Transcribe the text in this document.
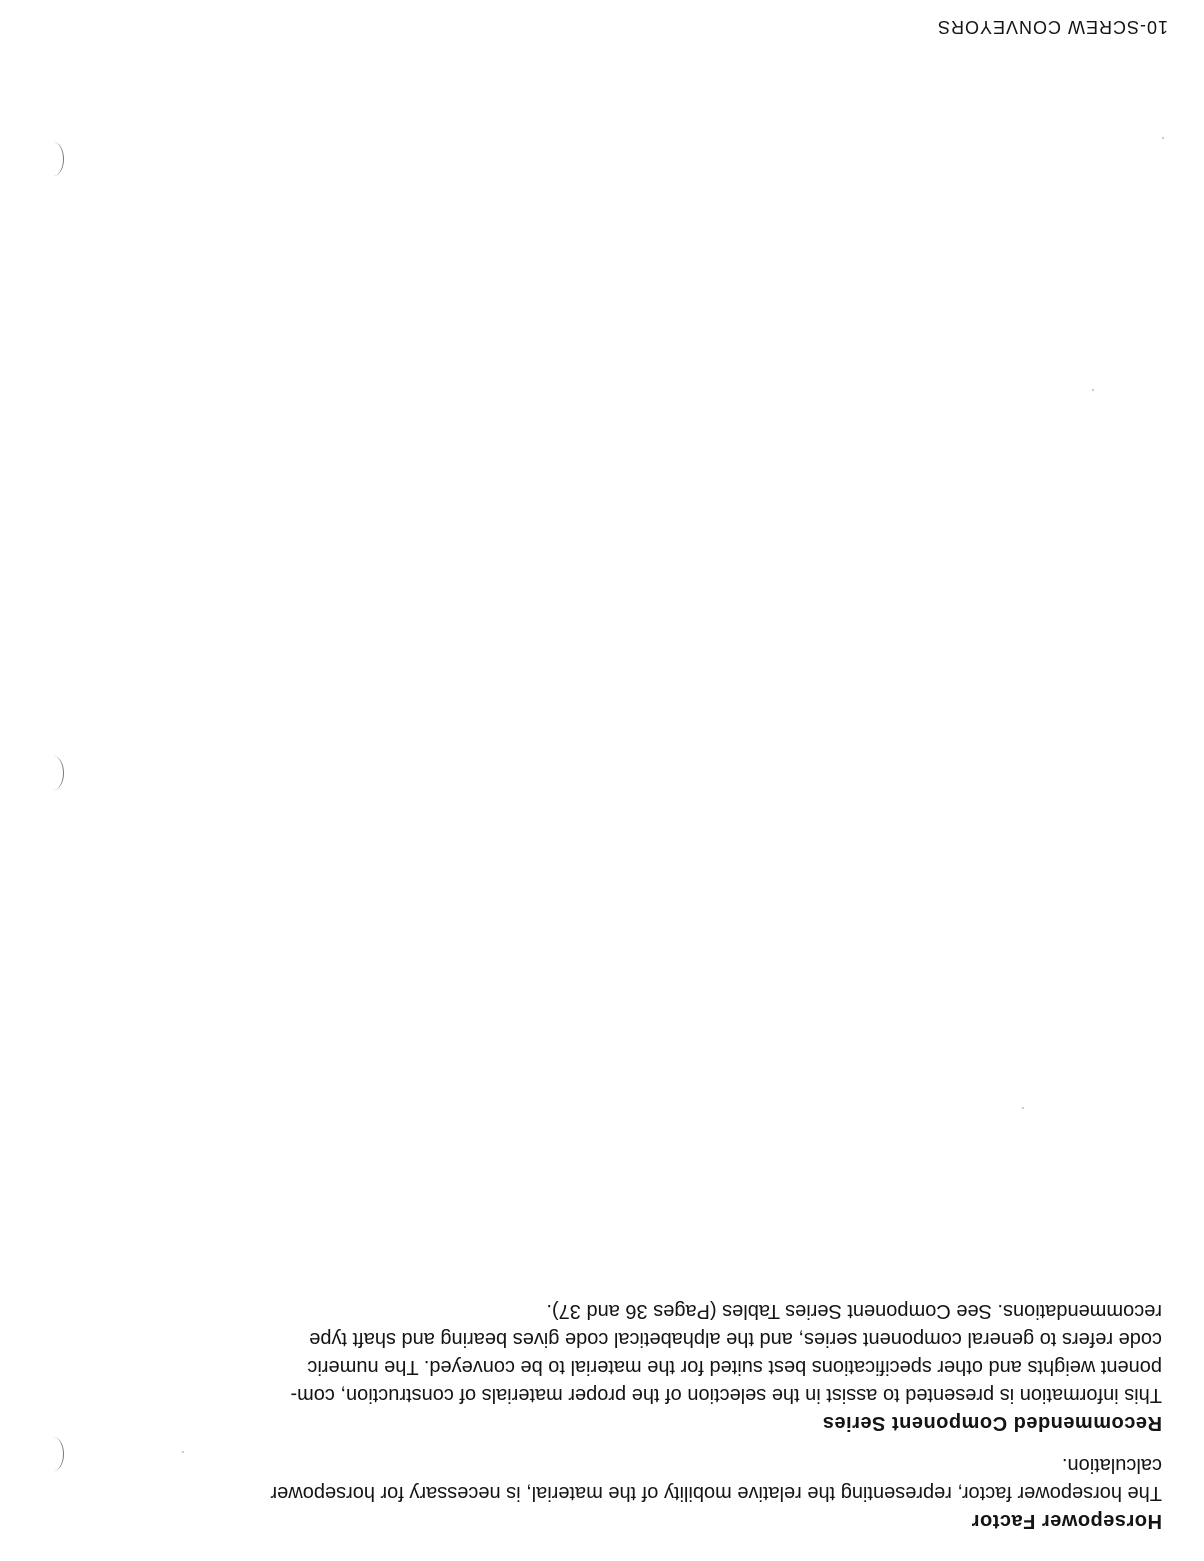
Horsepower Factor

The horsepower factor, representing the relative mobility of the material, is necessary for horsepower
calculation.

Recommended Component Series

This information is presented to assist in the selection of the proper materials of construction, com-
ponent weights and other specifications best suited for the material to be conveyed. The numeric
code refers to general component series, and the alphabetical code gives bearing and shaft type
recommendations. See Component Series Tables (Pages 36 and 37).

10-SCREW CONVEYORS
